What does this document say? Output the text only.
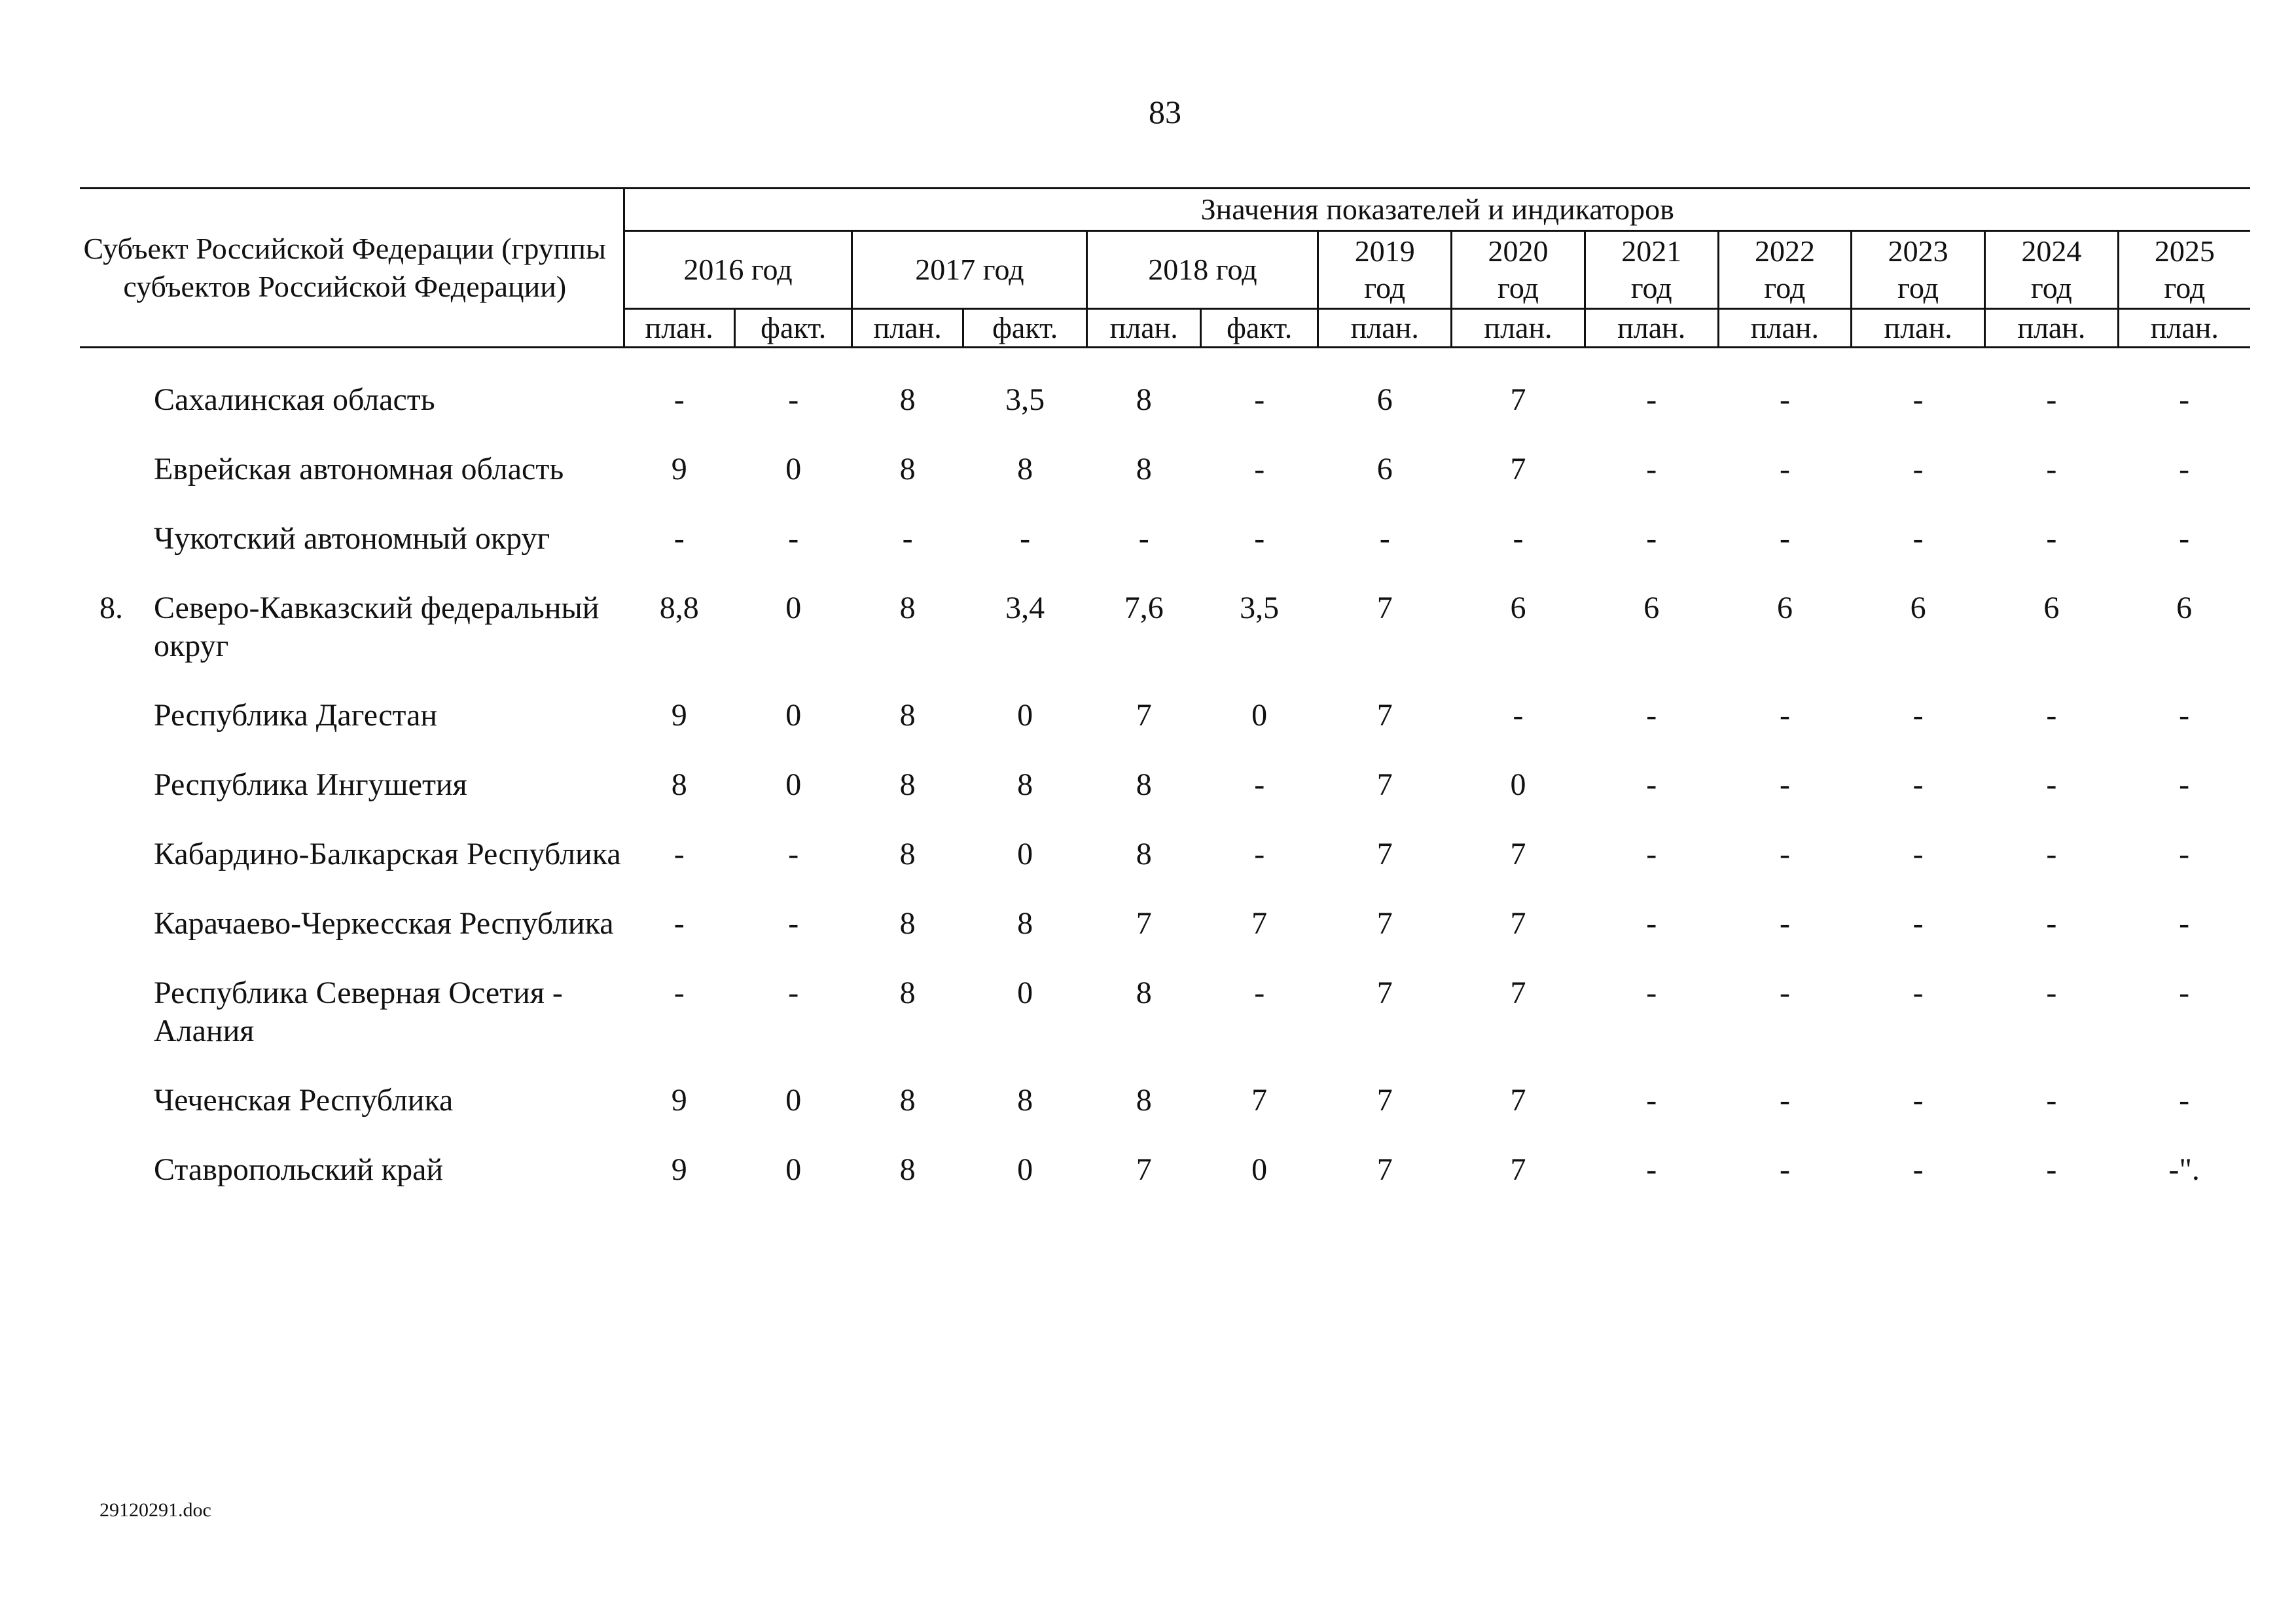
83
Субъект Российской Федерации (группы субъектов Российской Федерации)		Значения показателей и индикаторов												
		2016 год		2017 год		2018 год		2019 год	2020 год	2021 год	2022 год	2023 год	2024 год	2025 год
		план.	факт.	план.	факт.	план.	факт.	план.	план.	план.	план.	план.	план.	план.

	Сахалинская область	-	-	8	3,5	8	-	6	7	-	-	-	-	-
	Еврейская автономная область	9	0	8	8	8	-	6	7	-	-	-	-	-
	Чукотский автономный округ	-	-	-	-	-	-	-	-	-	-	-	-	-
8.	Северо-Кавказский федеральный округ	8,8	0	8	3,4	7,6	3,5	7	6	6	6	6	6	6
	Республика Дагестан	9	0	8	0	7	0	7	-	-	-	-	-	-
	Республика Ингушетия	8	0	8	8	8	-	7	0	-	-	-	-	-
	Кабардино-Балкарская Республика	-	-	8	0	8	-	7	7	-	-	-	-	-
	Карачаево-Черкесская Республика	-	-	8	8	7	7	7	7	-	-	-	-	-
	Республика Северная Осетия - Алания	-	-	8	0	8	-	7	7	-	-	-	-	-
	Чеченская Республика	9	0	8	8	8	7	7	7	-	-	-	-	-
	Ставропольский край	9	0	8	0	7	0	7	7	-	-	-	-	-".
29120291.doc
